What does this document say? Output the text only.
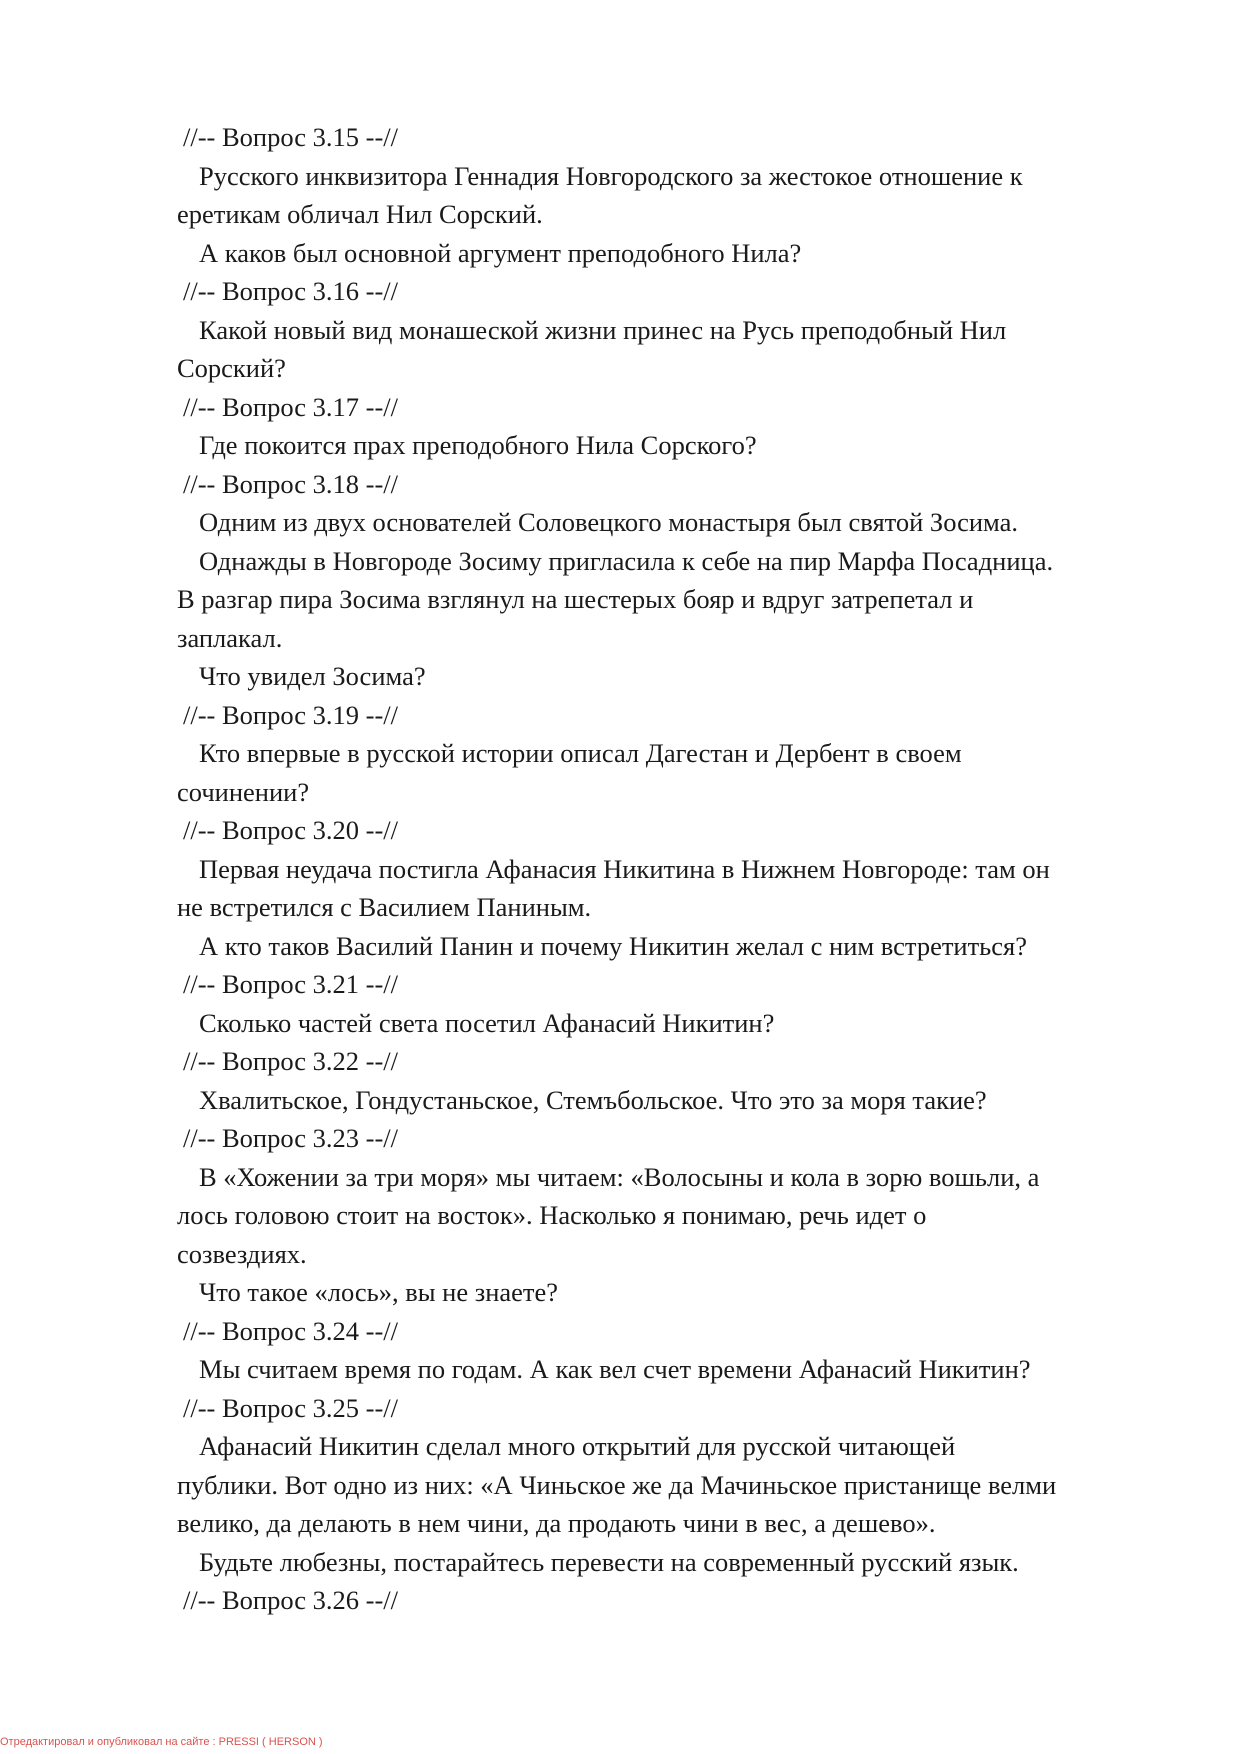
//-- Вопрос 3.15 --//

Русского инквизитора Геннадия Новгородского за жестокое отношение к

еретикам обличал Нил Сорский.

А каков был основной аргумент преподобного Нила?

//-- Вопрос 3.16 --//

Какой новый вид монашеской жизни принес на Русь преподобный Нил

Сорский?

//-- Вопрос 3.17 --//

Где покоится прах преподобного Нила Сорского?

//-- Вопрос 3.18 --//

Одним из двух основателей Соловецкого монастыря был святой Зосима.

Однажды в Новгороде Зосиму пригласила к себе на пир Марфа Посадница.

В разгар пира Зосима взглянул на шестерых бояр и вдруг затрепетал и

заплакал.

Что увидел Зосима?

//-- Вопрос 3.19 --//

Кто впервые в русской истории описал Дагестан и Дербент в своем

сочинении?

//-- Вопрос 3.20 --//

Первая неудача постигла Афанасия Никитина в Нижнем Новгороде: там он

не встретился с Василием Паниным.

А кто таков Василий Панин и почему Никитин желал с ним встретиться?

//-- Вопрос 3.21 --//

Сколько частей света посетил Афанасий Никитин?

//-- Вопрос 3.22 --//

Хвалитьское, Гондустаньское, Стемъбольское. Что это за моря такие?

//-- Вопрос 3.23 --//

В «Хожении за три моря» мы читаем: «Волосыны и кола в зорю вошьли, а

лось головою стоит на восток». Насколько я понимаю, речь идет о

созвездиях.

Что такое «лось», вы не знаете?

//-- Вопрос 3.24 --//

Мы считаем время по годам. А как вел счет времени Афанасий Никитин?

//-- Вопрос 3.25 --//

Афанасий Никитин сделал много открытий для русской читающей

публики. Вот одно из них: «А Чиньское же да Мачиньское пристанище велми

велико, да делають в нем чини, да продають чини в вес, а дешево».

Будьте любезны, постарайтесь перевести на современный русский язык.

//-- Вопрос 3.26 --//

Отредактировал и опубликовал на сайте : PRESSI ( HERSON )
